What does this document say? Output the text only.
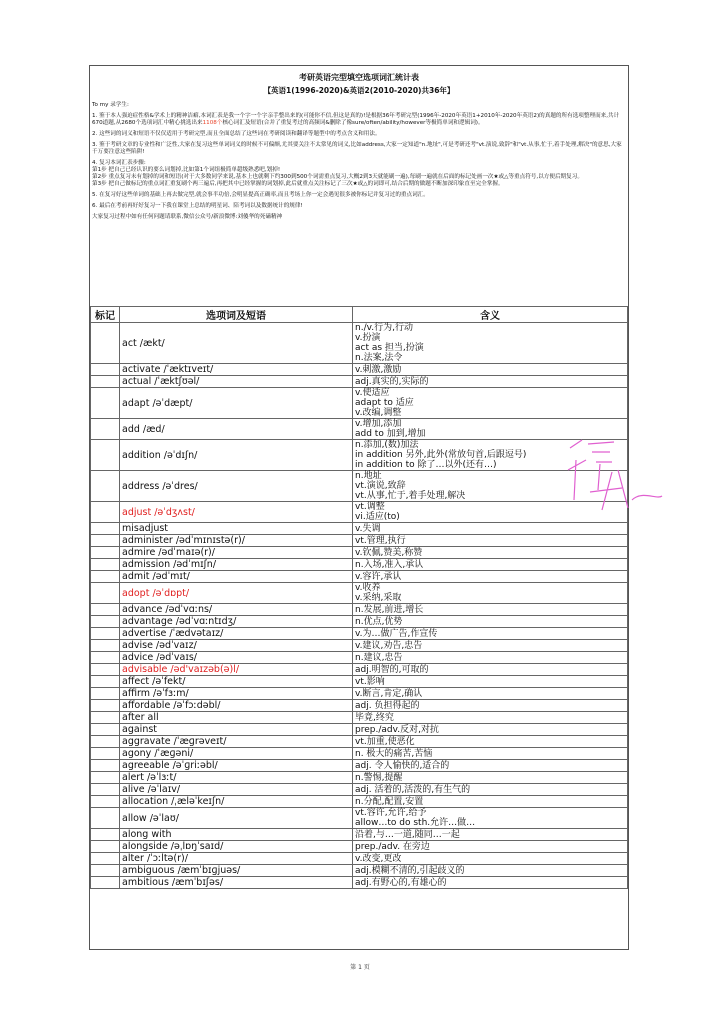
考研英语完型填空选项词汇统计表
【英语1(1996-2020)&英语2(2010-2020)共36年】

To my 录学生:

1. 鉴于本人强迫症性格&学术上的精神洁癖,本词汇表是我一个字一个字亲手整出来的(可能你不信,但这是真的)!是根据36年考研完型(1996年-2020年英语1+2010年-2020年英语2)的真题的所有选项整理而来,共计670道题,从2680个选项词汇中精心挑选出来1108个核心词汇及短语(合并了重复考过的高频词&删除了像sure/often/ability/however等极简单词和逻辑词)。

2. 这些词的词义和短语不仅仅适用于考研完型,而且全面总结了这些词在考研阅读和翻译等题型中的考点含义和用法。

3. 鉴于考研文章的专业性和广泛性,大家在复习这些单词词义的时候不可偏颇,尤其要关注不太常见的词义,比如address,大家一定知道"n.地址",可是考研还考"vt.演说,致辞"和"vt.从事,忙于,着手处理,解决"的意思,大家千万要注意这些陷阱!

4. 复习本词汇表步骤:
第1步 把自己已经认识的要么词划掉,比如第1个词组极简单超级熟悉吧,划掉!
第2步 重点复习未有划掉的词和短语(对于大多数同学来说,基本上也就剩下约300到500个词需重点复习,大概2到3天就能刷一遍),每刷一遍就在后面的标记处画一次★或△等重点符号,以方便后期复习。
第3步 把自己做标记的重点词汇重复刷个两三遍后,再把其中已经掌握的词划掉,此后就重点关注标记了三次★或△的词即可,结合后期的做题不断加深印象直至完全掌握。

5. 在复习好这些单词的基础上再去做完型,就会事半功倍,会明显提高正确率,而且考场上你一定会遇见很多被你标记并复习过的重点词汇。

6. 最后在考前再好好复习一下我在课堂上总结的明星词、陪考词以及数据统计的规律!

大家复习过程中如有任何问题请联系,微信公众号/新浪微博:刘傻华的死磕精神

标记	选项词及短语	含义
	act /ækt/	n./v.行为,行动
v.扮演
act as 担当,扮演
n.法案,法令

	activate /ˈæktɪveɪt/	v.刺激,激励

	actual /ˈæktʃʊəl/	adj.真实的,实际的

	adapt /əˈdæpt/	v.使适应
adapt to 适应
v.改编,调整

	add /æd/	v.增加,添加
add to 加到,增加

	addition /əˈdɪʃn/	n.添加,(数)加法
in addition 另外,此外(常放句首,后跟逗号)
in addition to 除了…以外(还有…)

	address /əˈdres/	n.地址
vt.演说,致辞
vt.从事,忙于,着手处理,解决

	adjust /əˈdʒʌst/	vt.调整
vi.适应(to)

	misadjust	v.失调

	administer /ədˈmɪnɪstə(r)/	vt.管理,执行

	admire /ədˈmaɪə(r)/	v.钦佩,赞美,称赞

	admission /ədˈmɪʃn/	n.入场,准入,承认

	admit /ədˈmɪt/	v.容许,承认

	adopt /əˈdɒpt/	v.收养
v.采纳,采取

	advance /ədˈvɑːns/	n.发展,前进,增长

	advantage /ədˈvɑːntɪdʒ/	n.优点,优势

	advertise /ˈædvətaɪz/	v.为…做广告,作宣传

	advise /ədˈvaɪz/	v.建议,劝告,忠告

	advice /ədˈvaɪs/	n.建议,忠告

	advisable /əd'vaɪzəb(ə)l/	adj.明智的,可取的

	affect /əˈfekt/	vt.影响

	affirm /əˈfɜːm/	v.断言,肯定,确认

	affordable /əˈfɔːdəbl/	adj. 负担得起的

	after all	毕竟,终究

	against	prep./adv.反对,对抗

	aggravate /ˈæɡrəveɪt/	vt.加重,使恶化

	agony /ˈæɡəni/	n. 极大的痛苦,苦恼

	agreeable /əˈɡriːəbl/	adj. 令人愉快的,适合的

	alert /əˈlɜːt/	n.警惕,提醒

	alive /əˈlaɪv/	adj. 活着的,活泼的,有生气的

	allocation /ˌæləˈkeɪʃn/	n.分配,配置,安置

	allow /əˈlaʊ/	vt.容许,允许,给予
allow…to do sth.允许…做…

	along with	沿着,与…一道,随同…一起

	alongside /əˌlɒŋˈsaɪd/	prep./adv. 在旁边

	alter /ˈɔːltə(r)/	v.改变,更改

	ambiguous /æmˈbɪɡjuəs/	adj.模糊不清的,引起歧义的

	ambitious /æmˈbɪʃəs/	adj.有野心的,有雄心的
第 1 页
